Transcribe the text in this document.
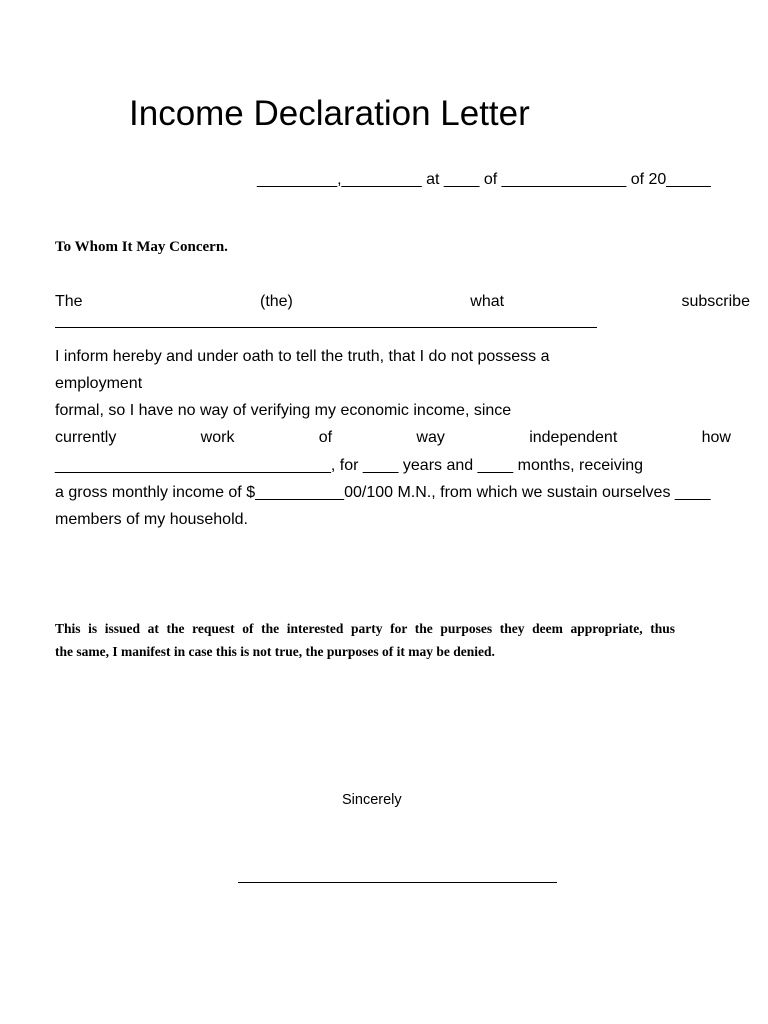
Income Declaration Letter
_________,_________ at ____ of ______________ of 20_____
To Whom It May Concern.
The	(the)	what	subscribe
I inform hereby and under oath to tell the truth, that I do not possess a
employment
formal, so I have no way of verifying my economic income, since
currently	work	of	way	independent	how
_______________________________, for ____ years and ____ months, receiving
a gross monthly income of $__________00/100 M.N., from which we sustain ourselves ____
members of my household.
This is issued at the request of the interested party for the purposes they deem appropriate, thus
the same, I manifest in case this is not true, the purposes of it may be denied.
Sincerely
